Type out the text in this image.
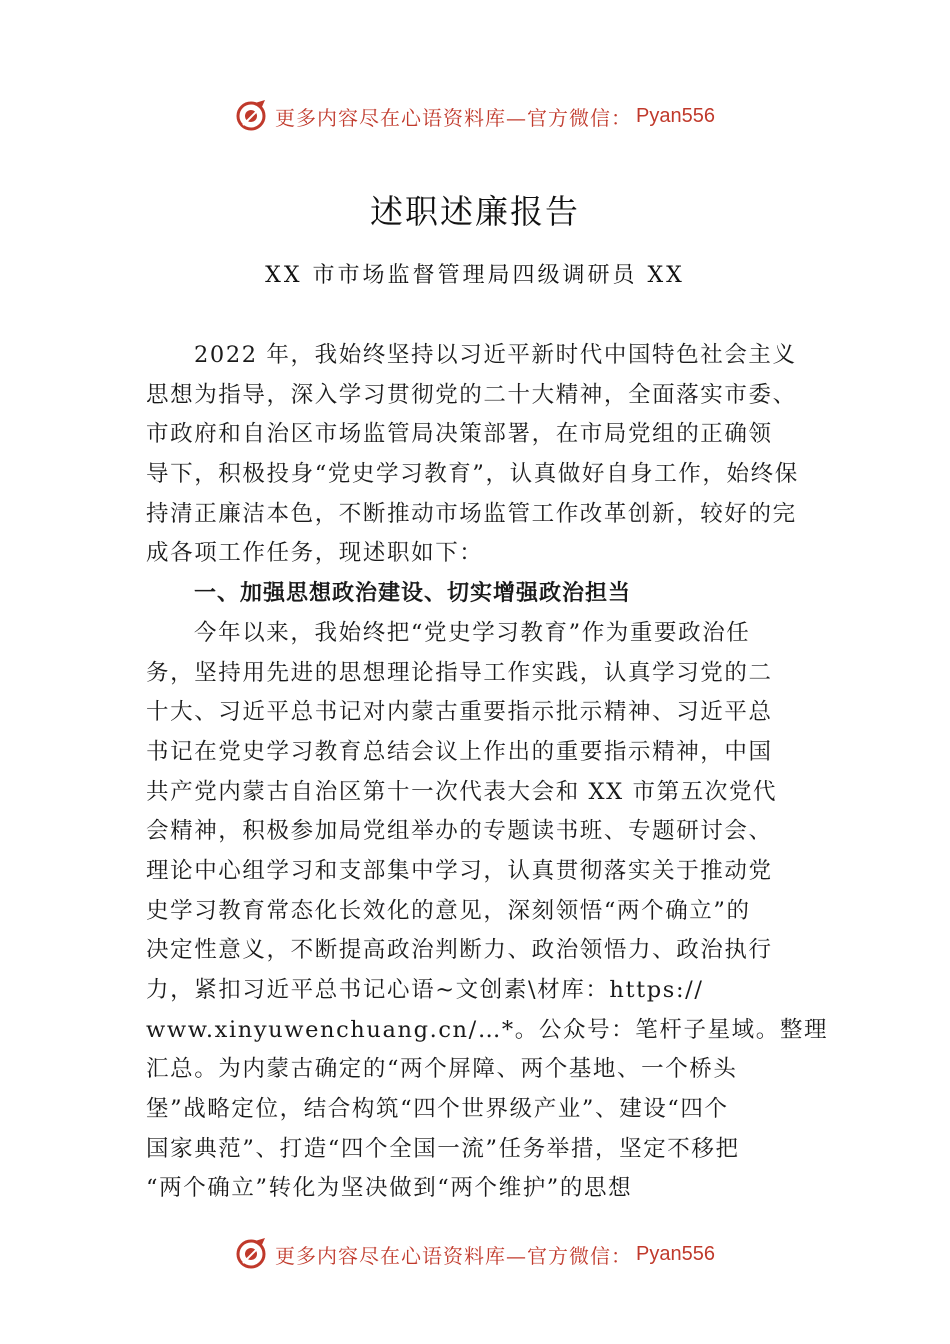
更多内容尽在心语资料库—官方微信： Pyan556
述职述廉报告
XX 市市场监督管理局四级调研员 XX
2022 年，我始终坚持以习近平新时代中国特色社会主义
思想为指导，深入学习贯彻党的二十大精神，全面落实市委、
市政府和自治区市场监管局决策部署，在市局党组的正确领
导下，积极投身“党史学习教育”，认真做好自身工作，始终保
持清正廉洁本色，不断推动市场监管工作改革创新，较好的完
成各项工作任务，现述职如下：
一、加强思想政治建设、切实增强政治担当
今年以来，我始终把“党史学习教育”作为重要政治任
务，坚持用先进的思想理论指导工作实践，认真学习党的二
十大、习近平总书记对内蒙古重要指示批示精神、习近平总
书记在党史学习教育总结会议上作出的重要指示精神，中国
共产党内蒙古自治区第十一次代表大会和 XX 市第五次党代
会精神，积极参加局党组举办的专题读书班、专题研讨会、
理论中心组学习和支部集中学习，认真贯彻落实关于推动党
史学习教育常态化长效化的意见，深刻领悟“两个确立”的
决定性意义，不断提高政治判断力、政治领悟力、政治执行
力，紧扣习近平总书记心语~文创素\材库：https://
www.xinyuwenchuang.cn/…*。公众号：笔杆子星域。整理
汇总。为内蒙古确定的“两个屏障、两个基地、一个桥头
堡”战略定位，结合构筑“四个世界级产业”、建设“四个
国家典范”、打造“四个全国一流”任务举措，坚定不移把
“两个确立”转化为坚决做到“两个维护”的思想
更多内容尽在心语资料库—官方微信： Pyan556
